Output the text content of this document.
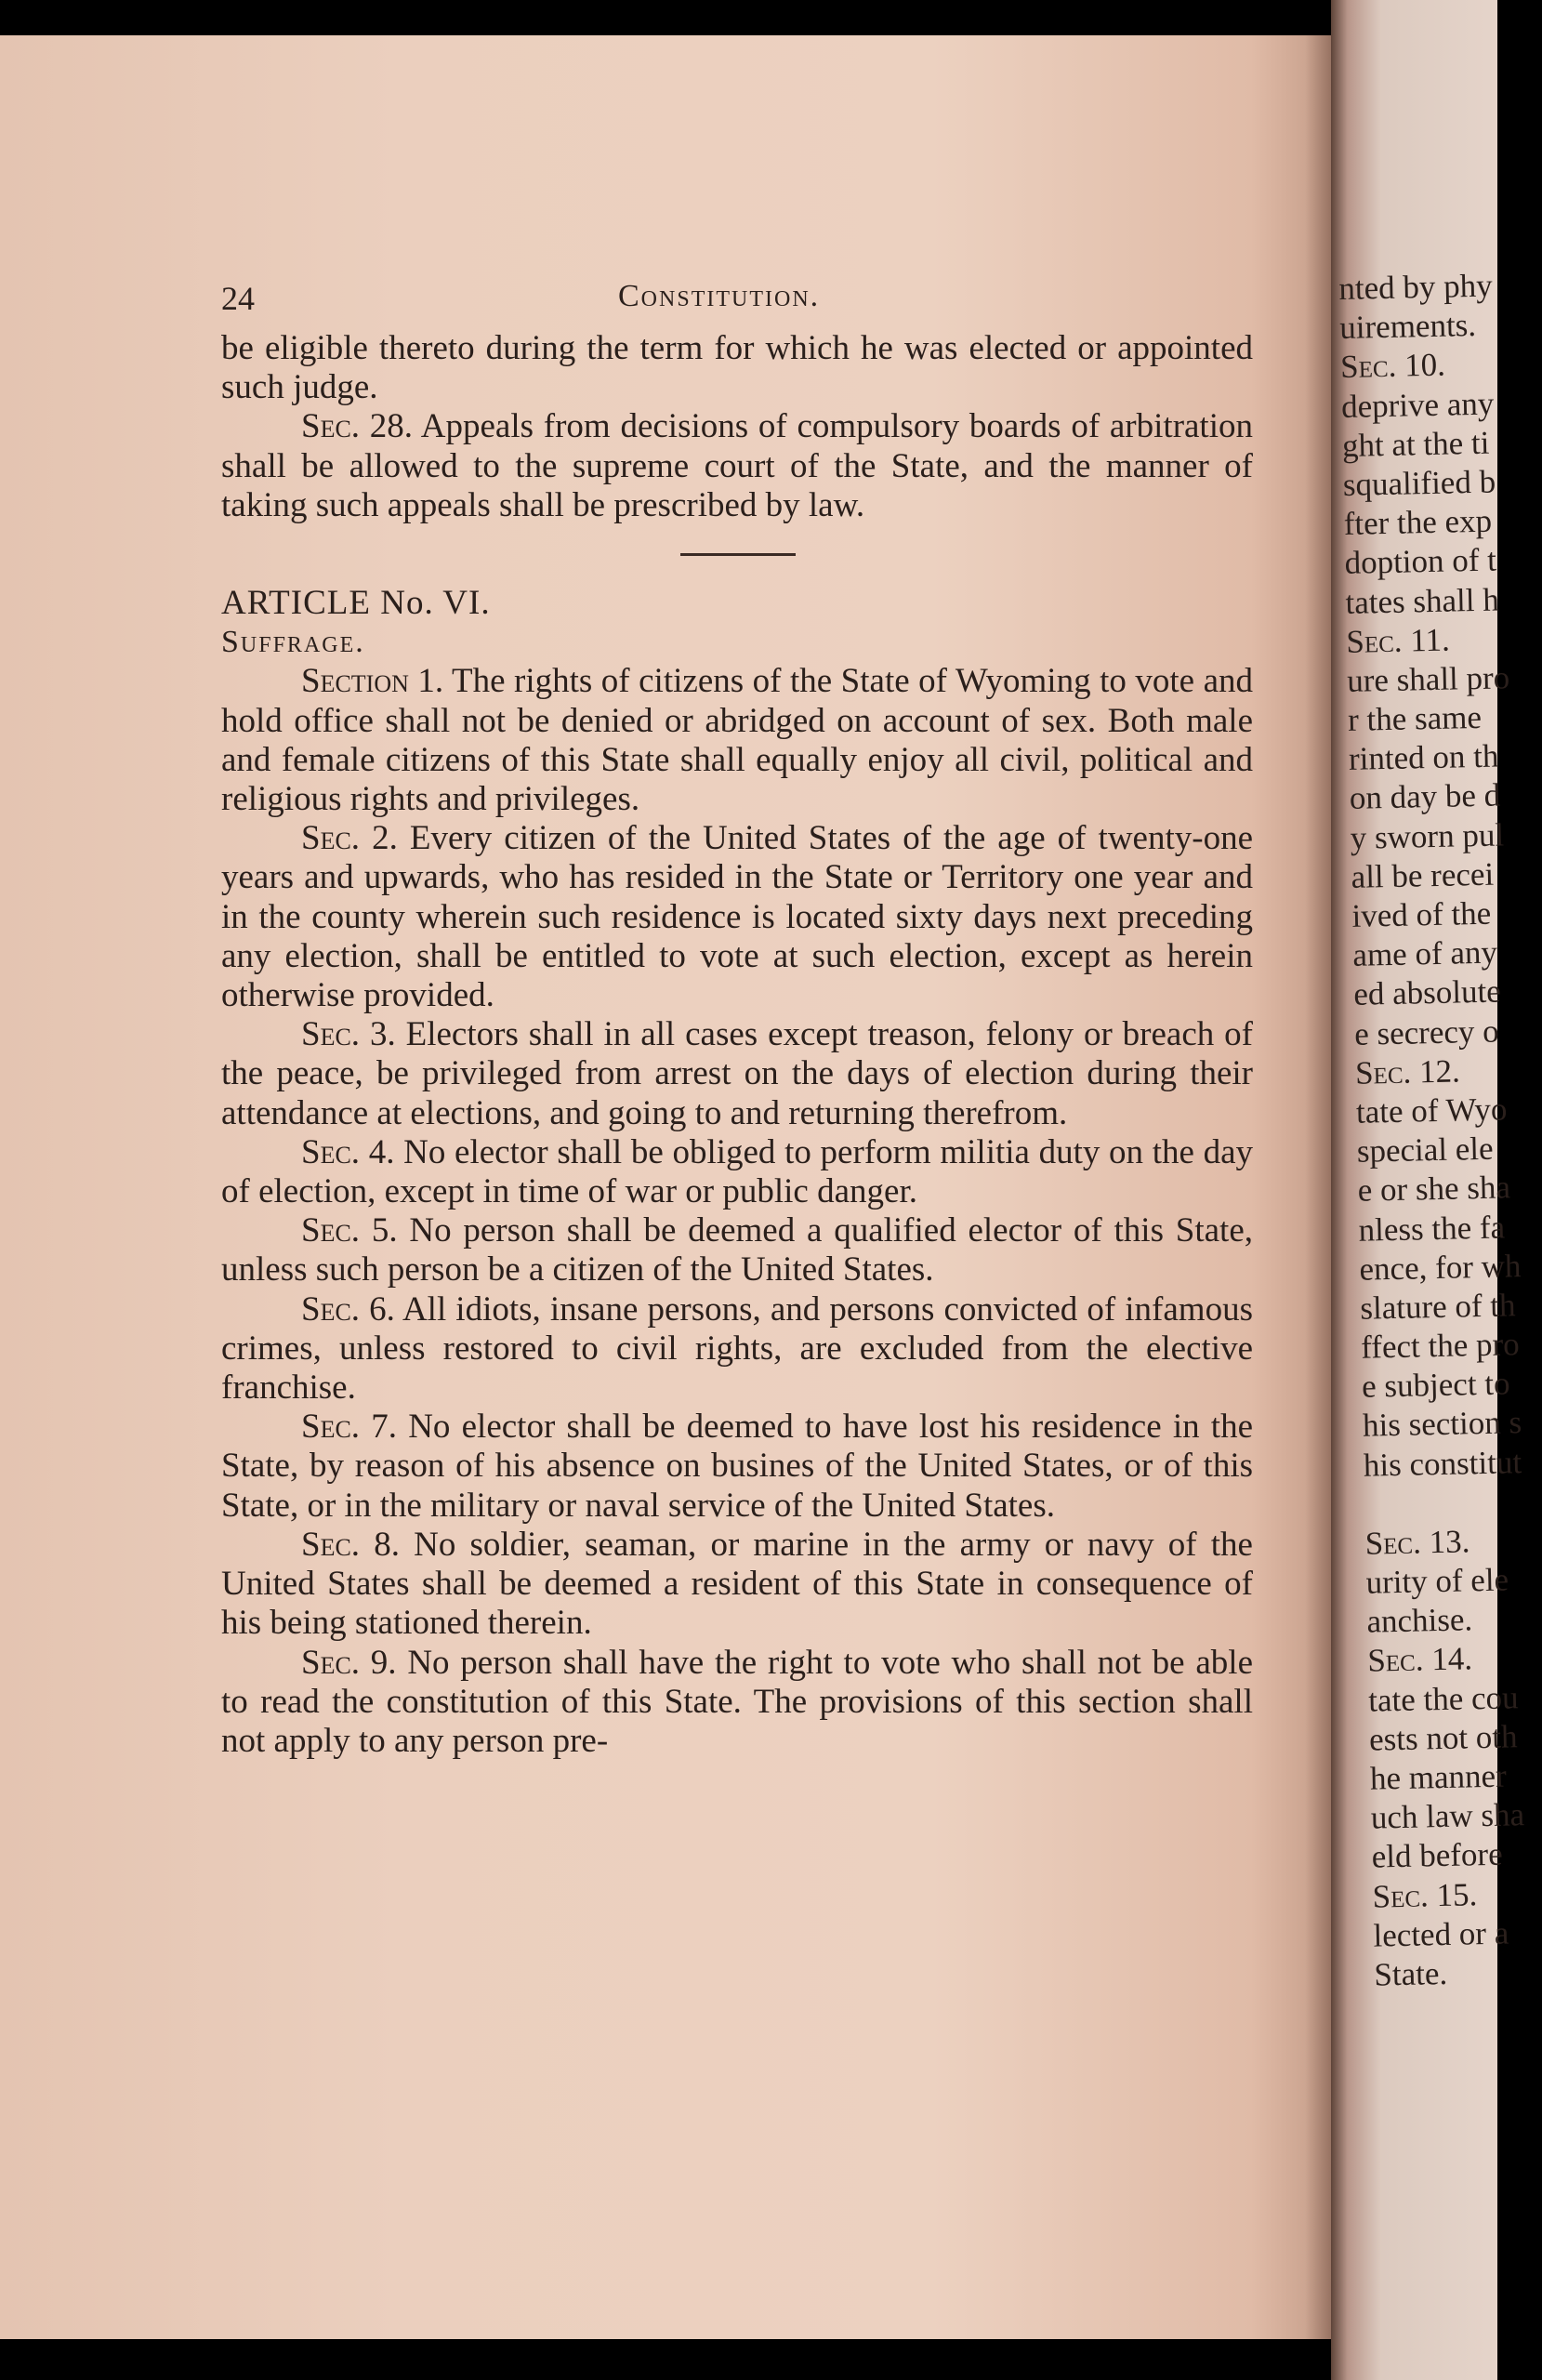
24	Constitution.

be eligible thereto during the term for which he was elected or appointed such judge.

Sec. 28. Appeals from decisions of compulsory boards of arbitration shall be allowed to the supreme court of the State, and the manner of taking such appeals shall be prescribed by law.

ARTICLE No. VI.

Suffrage.

Section 1. The rights of citizens of the State of Wyoming to vote and hold office shall not be denied or abridged on account of sex. Both male and female citizens of this State shall equally enjoy all civil, political and religious rights and privileges.

Sec. 2. Every citizen of the United States of the age of twenty-one years and upwards, who has resided in the State or Territory one year and in the county wherein such residence is located sixty days next preceding any election, shall be entitled to vote at such election, except as herein otherwise provided.

Sec. 3. Electors shall in all cases except treason, felony or breach of the peace, be privileged from arrest on the days of election during their attendance at elections, and going to and returning therefrom.

Sec. 4. No elector shall be obliged to perform militia duty on the day of election, except in time of war or public danger.

Sec. 5. No person shall be deemed a qualified elector of this State, unless such person be a citizen of the United States.

Sec. 6. All idiots, insane persons, and persons convicted of infamous crimes, unless restored to civil rights, are excluded from the elective franchise.

Sec. 7. No elector shall be deemed to have lost his residence in the State, by reason of his absence on busines of the United States, or of this State, or in the military or naval service of the United States.

Sec. 8. No soldier, seaman, or marine in the army or navy of the United States shall be deemed a resident of this State in consequence of his being stationed therein.

Sec. 9. No person shall have the right to vote who shall not be able to read the constitution of this State. The provisions of this section shall not apply to any person pre-

nted by phy
uirements.
Sec. 10.
deprive any
ght at the ti
squalified b
fter the exp
doption of t
tates shall h
Sec. 11.
ure shall pro
r the same
rinted on th
on day be d
y sworn pul
all be recei
ived of the
ame of any
ed absolute
e secrecy o
Sec. 12.
tate of Wyo
special ele
e or she sha
nless the fa
ence, for wh
slature of th
ffect the pro
e subject to
his section s
his constitut
Sec. 13.
urity of ele
anchise.
Sec. 14.
tate the cou
ests not oth
he manner
uch law sha
eld before
Sec. 15.
lected or a
State.
